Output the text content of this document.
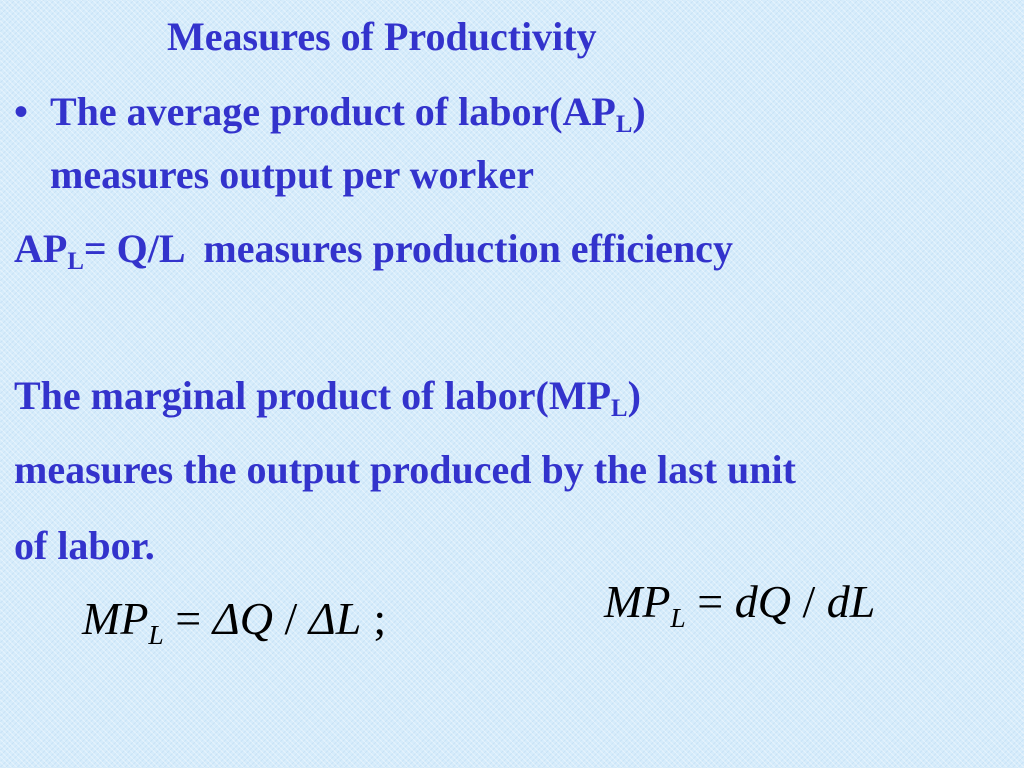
Measures of Productivity
• The average product of labor(APL)
measures output per worker
APL= Q/L  measures production efficiency
The marginal product of labor(MPL)
measures the output produced by the last unit
of labor.
$MP_L = \Delta Q / \Delta L$ ;	$MP_L$ = dQ / dL
